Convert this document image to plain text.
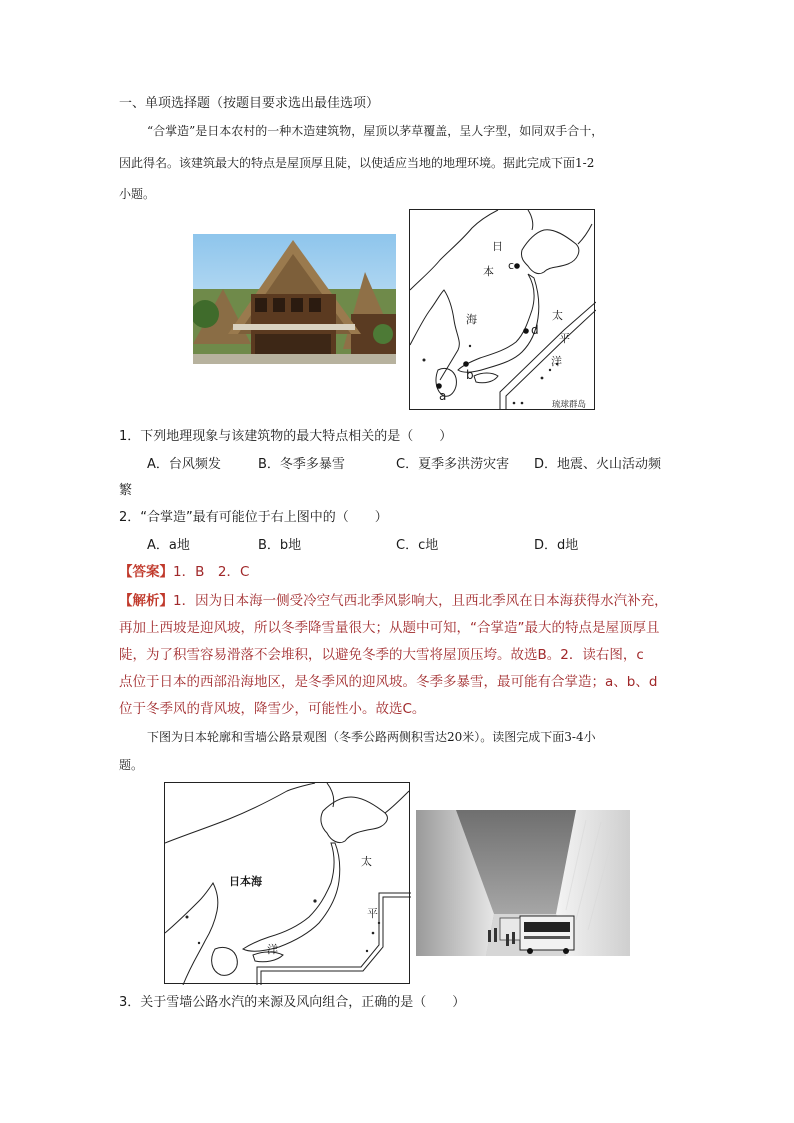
一、单项选择题（按题目要求选出最佳选项）
“合掌造”是日本农村的一种木造建筑物，屋顶以茅草覆盖，呈人字型，如同双手合十，
因此得名。该建筑最大的特点是屋顶厚且陡，以使适应当地的地理环境。据此完成下面1-2
小题。
日
本
海	太
平
洋
c
d
b
a
琉球群岛
1．下列地理现象与该建筑物的最大特点相关的是（　　）
A．台风频发	B．冬季多暴雪	C．夏季多洪涝灾害 D．地震、火山活动频
繁
2．“合掌造”最有可能位于右上图中的（　　）
A．a地	B．b地	C．c地	D．d地
【答案】1．B　2．C
【解析】1．因为日本海一侧受冷空气西北季风影响大，且西北季风在日本海获得水汽补充，
再加上西坡是迎风坡，所以冬季降雪量很大；从题中可知，“合掌造”最大的特点是屋顶厚且
陡，为了积雪容易滑落不会堆积，以避免冬季的大雪将屋顶压垮。故选B。2．读右图，c
点位于日本的西部沿海地区，是冬季风的迎风坡。冬季多暴雪，最可能有合掌造；a、b、d
位于冬季风的背风坡，降雪少，可能性小。故选C。
下图为日本轮廓和雪墙公路景观图（冬季公路两侧积雪达20米）。读图完成下面3-4小
题。
日本海
太
平
洋
3．关于雪墙公路水汽的来源及风向组合，正确的是（　　）
